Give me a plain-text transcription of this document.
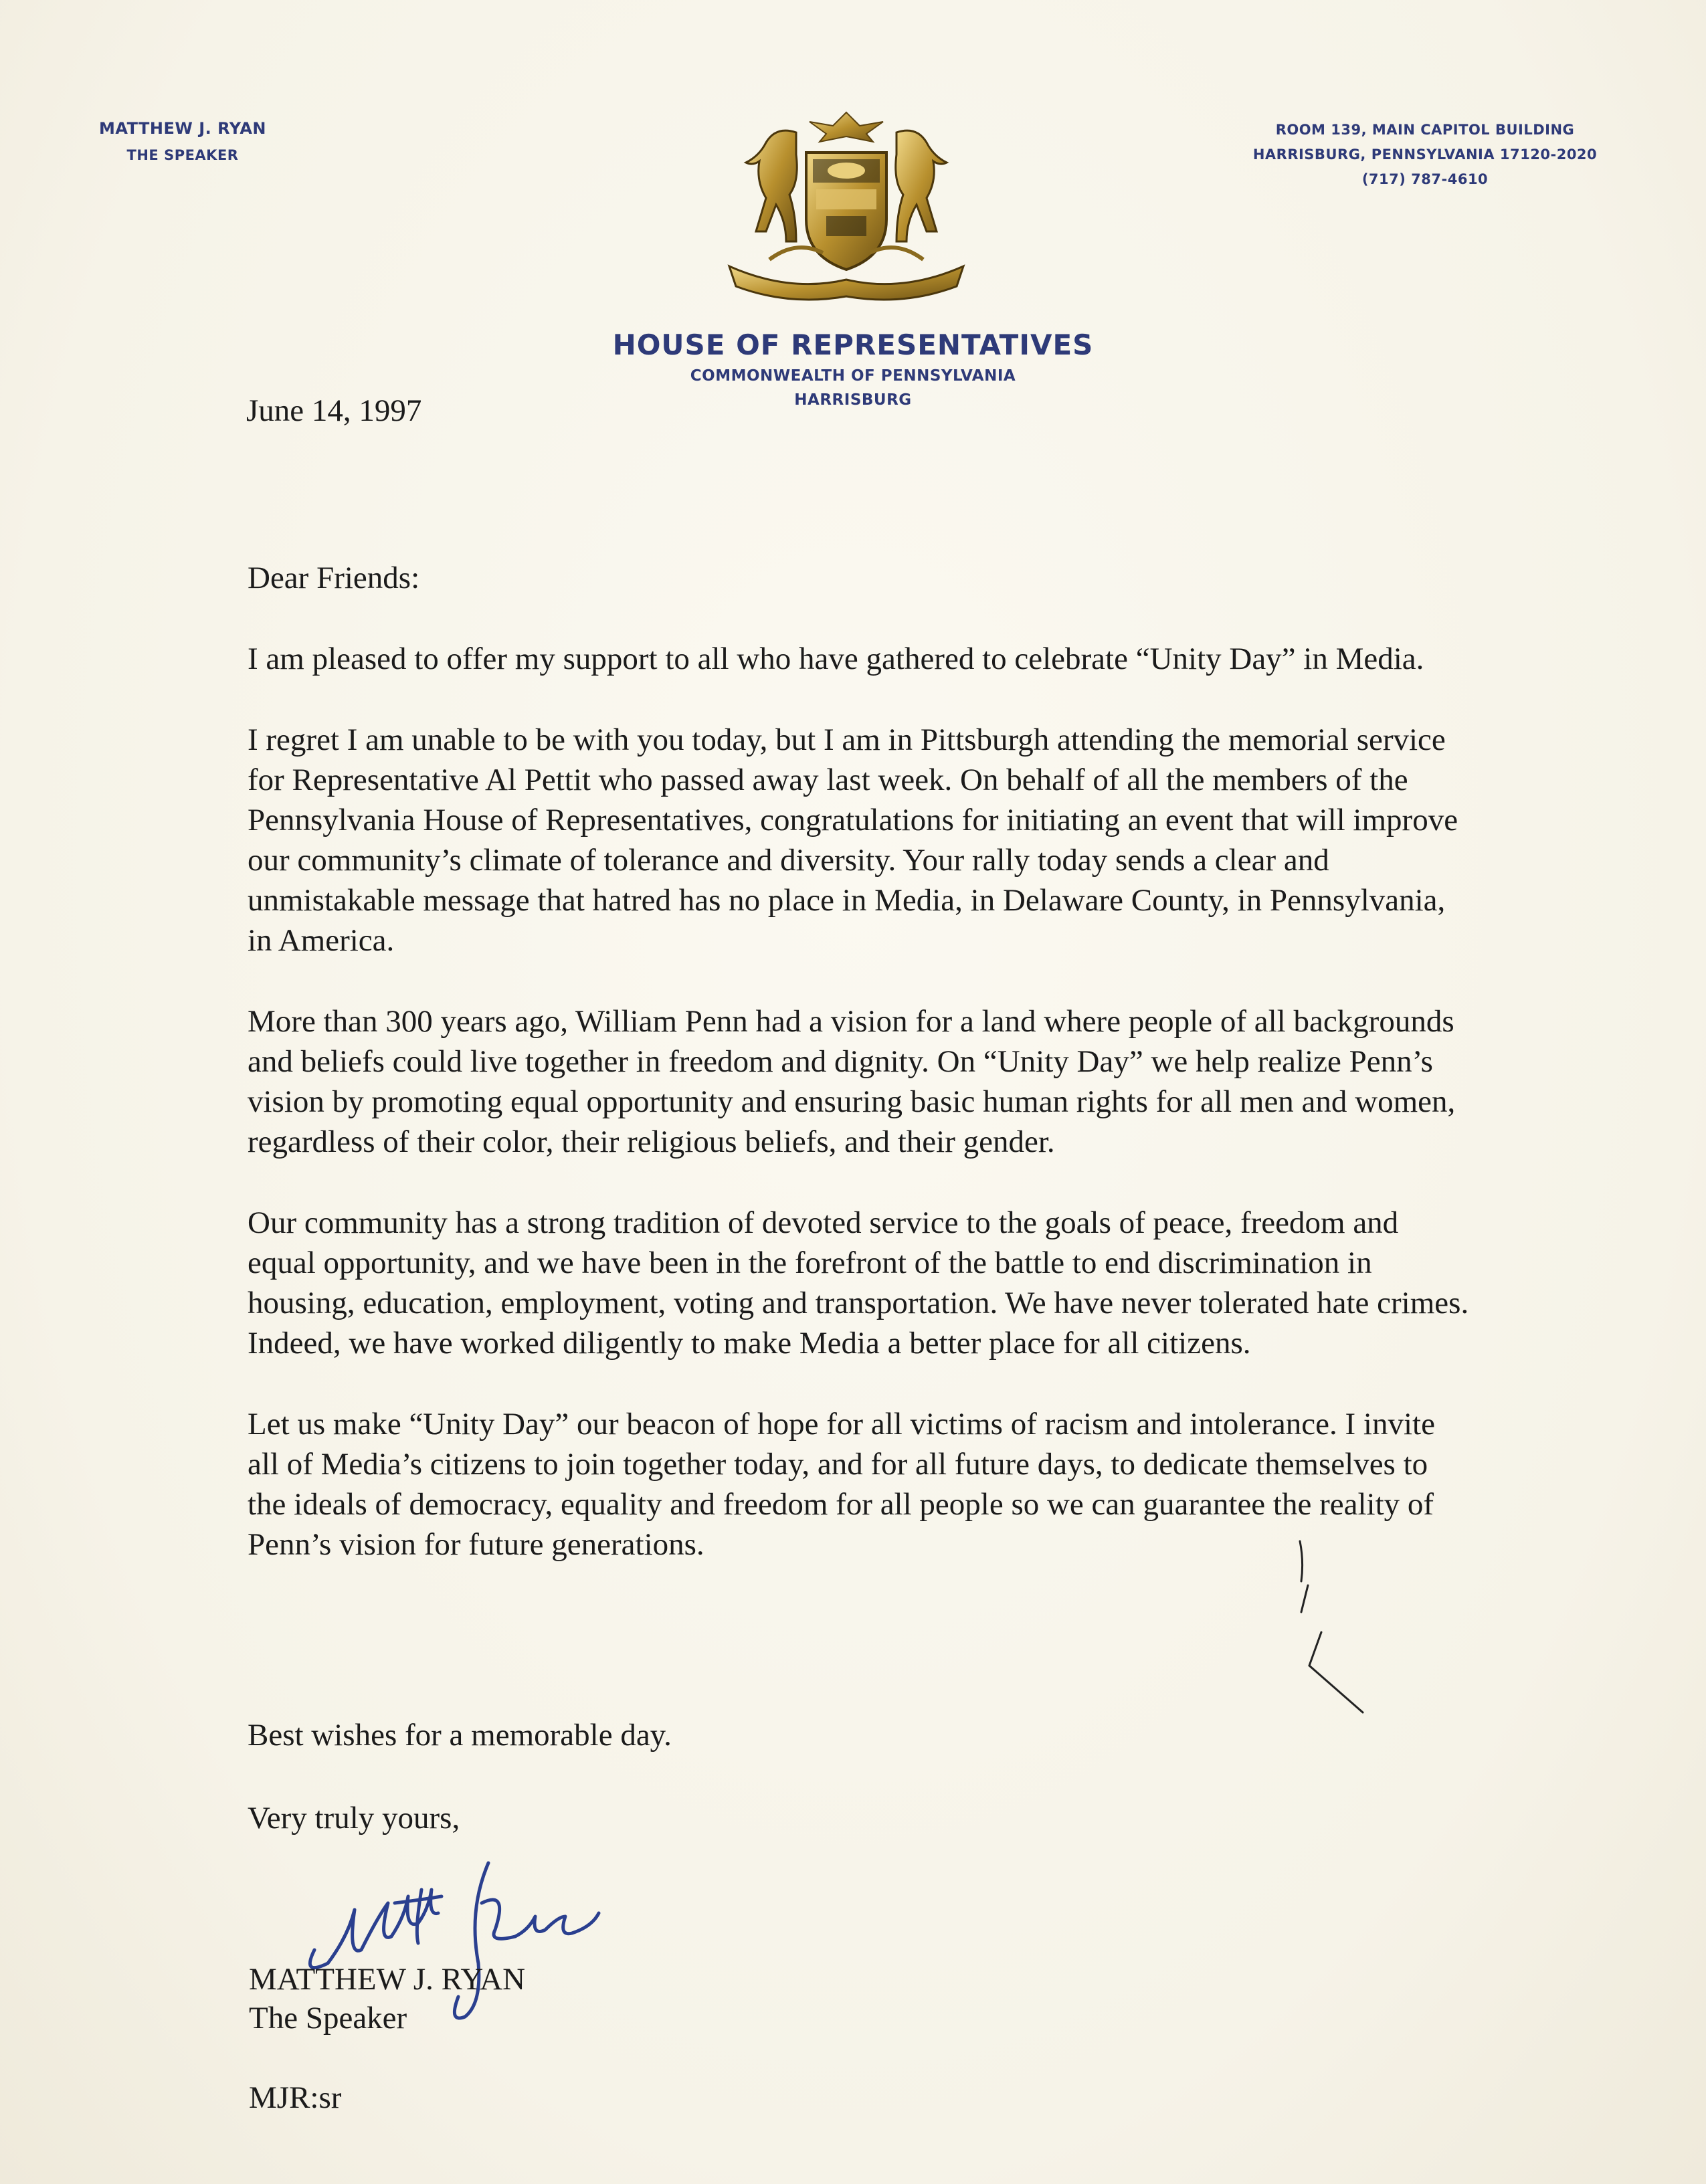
MATTHEW J. RYAN
THE SPEAKER
ROOM 139, MAIN CAPITOL BUILDING
HARRISBURG, PENNSYLVANIA 17120-2020
(717) 787-4610
HOUSE OF REPRESENTATIVES
COMMONWEALTH OF PENNSYLVANIA
HARRISBURG
June 14, 1997

Dear Friends:

I am pleased to offer my support to all who have gathered to celebrate “Unity Day” in Media.

I regret I am unable to be with you today, but I am in Pittsburgh attending the memorial service for Representative Al Pettit who passed away last week. On behalf of all the members of the Pennsylvania House of Representatives, congratulations for initiating an event that will improve our community’s climate of tolerance and diversity. Your rally today sends a clear and unmistakable message that hatred has no place in Media, in Delaware County, in Pennsylvania, in America.

More than 300 years ago, William Penn had a vision for a land where people of all backgrounds and beliefs could live together in freedom and dignity. On “Unity Day” we help realize Penn’s vision by promoting equal opportunity and ensuring basic human rights for all men and women, regardless of their color, their religious beliefs, and their gender.

Our community has a strong tradition of devoted service to the goals of peace, freedom and equal opportunity, and we have been in the forefront of the battle to end discrimination in housing, education, employment, voting and transportation. We have never tolerated hate crimes. Indeed, we have worked diligently to make Media a better place for all citizens.

Let us make “Unity Day” our beacon of hope for all victims of racism and intolerance. I invite all of Media’s citizens to join together today, and for all future days, to dedicate themselves to the ideals of democracy, equality and freedom for all people so we can guarantee the reality of Penn’s vision for future generations.

Best wishes for a memorable day.
Very truly yours,
MATTHEW J. RYAN
The Speaker
MJR:sr
